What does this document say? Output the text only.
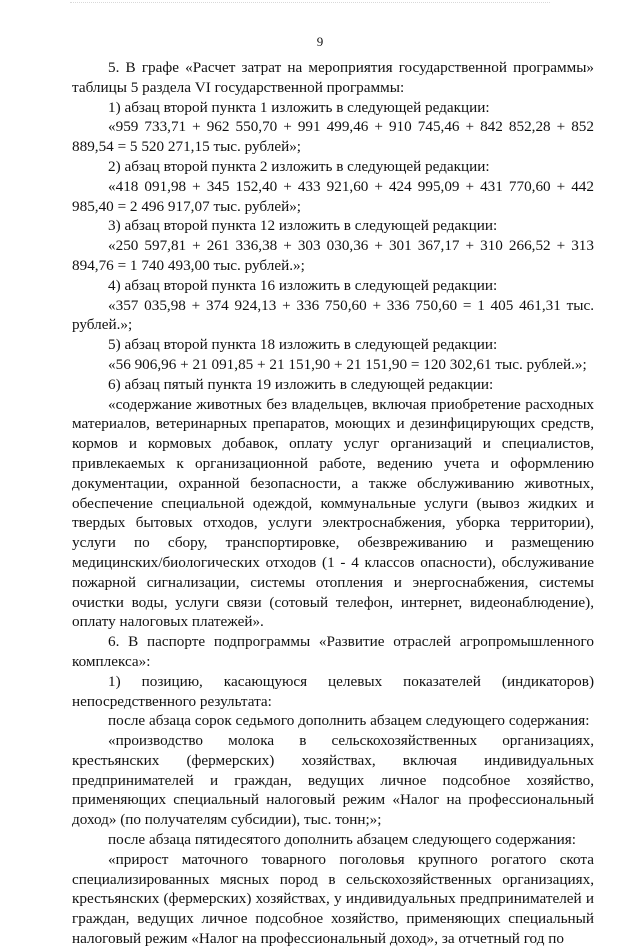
9

5. В графе «Расчет затрат на мероприятия государственной программы» таблицы 5 раздела VI государственной программы:

1) абзац второй пункта 1 изложить в следующей редакции:

«959 733,71 + 962 550,70 + 991 499,46 + 910 745,46 + 842 852,28 + 852 889,54 = 5 520 271,15 тыс. рублей»;

2) абзац второй пункта 2 изложить в следующей редакции:

«418 091,98 + 345 152,40 + 433 921,60 + 424 995,09 + 431 770,60 + 442 985,40 = 2 496 917,07 тыс. рублей»;

3) абзац второй пункта 12 изложить в следующей редакции:

«250 597,81 + 261 336,38 + 303 030,36 + 301 367,17 + 310 266,52 + 313 894,76 = 1 740 493,00 тыс. рублей.»;

4) абзац второй пункта 16 изложить в следующей редакции:

«357 035,98 + 374 924,13 + 336 750,60 + 336 750,60 = 1 405 461,31 тыс. рублей.»;

5) абзац второй пункта 18 изложить в следующей редакции:

«56 906,96 + 21 091,85 + 21 151,90 + 21 151,90 = 120 302,61 тыс. рублей.»;

6) абзац пятый пункта 19 изложить в следующей редакции:

«содержание животных без владельцев, включая приобретение расходных материалов, ветеринарных препаратов, моющих и дезинфицирующих средств, кормов и кормовых добавок, оплату услуг организаций и специалистов, привлекаемых к организационной работе, ведению учета и оформлению документации, охранной безопасности, а также обслуживанию животных, обеспечение специальной одеждой, коммунальные услуги (вывоз жидких и твердых бытовых отходов, услуги электроснабжения, уборка территории), услуги по сбору, транспортировке, обезвреживанию и размещению медицинских/биологических отходов (1 - 4 классов опасности), обслуживание пожарной сигнализации, системы отопления и энергоснабжения, системы очистки воды, услуги связи (сотовый телефон, интернет, видеонаблюдение), оплату налоговых платежей».

6. В паспорте подпрограммы «Развитие отраслей агропромышленного комплекса»:

1) позицию, касающуюся целевых показателей (индикаторов) непосредственного результата:

после абзаца сорок седьмого дополнить абзацем следующего содержания:

«производство молока в сельскохозяйственных организациях, крестьянских (фермерских) хозяйствах, включая индивидуальных предпринимателей и граждан, ведущих личное подсобное хозяйство, применяющих специальный налоговый режим «Налог на профессиональный доход» (по получателям субсидии), тыс. тонн;»;

после абзаца пятидесятого дополнить абзацем следующего содержания:

«прирост маточного товарного поголовья крупного рогатого скота специализированных мясных пород в сельскохозяйственных организациях, крестьянских (фермерских) хозяйствах, у индивидуальных предпринимателей и граждан, ведущих личное подсобное хозяйство, применяющих специальный налоговый режим «Налог на профессиональный доход», за отчетный год по
